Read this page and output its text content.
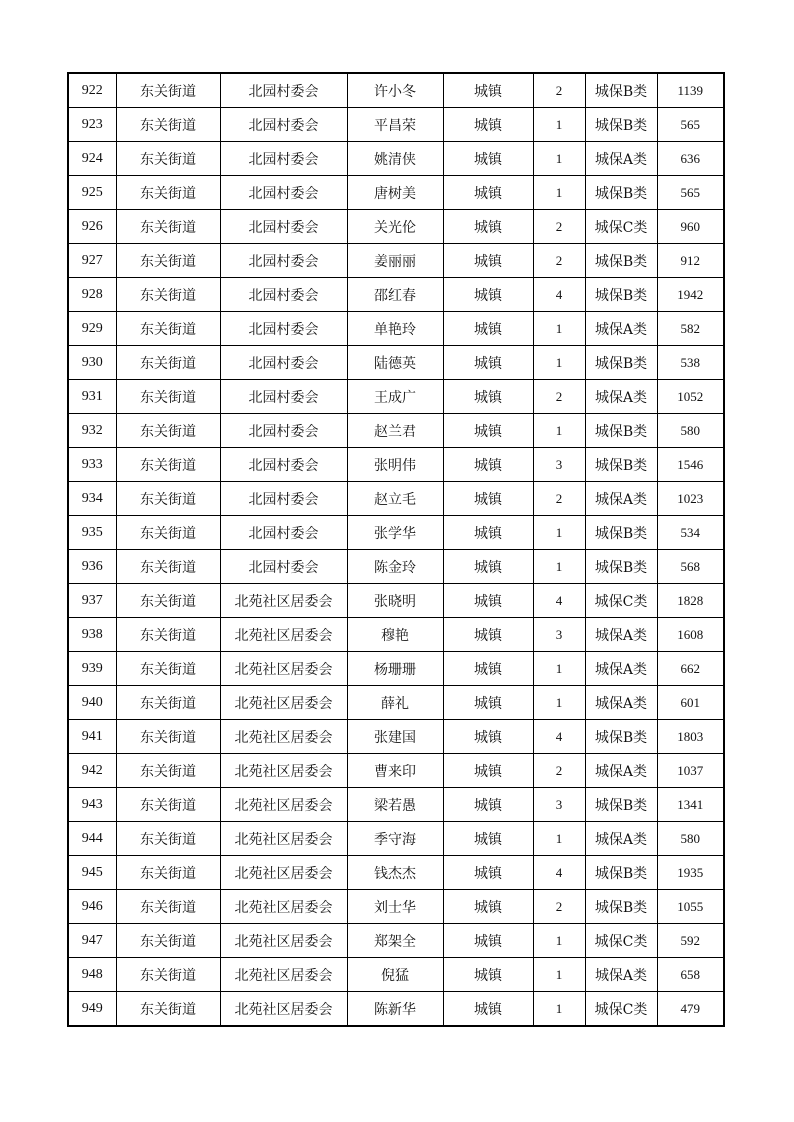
922	东关街道	北园村委会	许小冬	城镇	2	城保B类	1139
923	东关街道	北园村委会	平昌荣	城镇	1	城保B类	565
924	东关街道	北园村委会	姚清侠	城镇	1	城保A类	636
925	东关街道	北园村委会	唐树美	城镇	1	城保B类	565
926	东关街道	北园村委会	关光伦	城镇	2	城保C类	960
927	东关街道	北园村委会	姜丽丽	城镇	2	城保B类	912
928	东关街道	北园村委会	邵红春	城镇	4	城保B类	1942
929	东关街道	北园村委会	单艳玲	城镇	1	城保A类	582
930	东关街道	北园村委会	陆德英	城镇	1	城保B类	538
931	东关街道	北园村委会	王成广	城镇	2	城保A类	1052
932	东关街道	北园村委会	赵兰君	城镇	1	城保B类	580
933	东关街道	北园村委会	张明伟	城镇	3	城保B类	1546
934	东关街道	北园村委会	赵立毛	城镇	2	城保A类	1023
935	东关街道	北园村委会	张学华	城镇	1	城保B类	534
936	东关街道	北园村委会	陈金玲	城镇	1	城保B类	568
937	东关街道	北苑社区居委会	张晓明	城镇	4	城保C类	1828
938	东关街道	北苑社区居委会	穆艳	城镇	3	城保A类	1608
939	东关街道	北苑社区居委会	杨珊珊	城镇	1	城保A类	662
940	东关街道	北苑社区居委会	薛礼	城镇	1	城保A类	601
941	东关街道	北苑社区居委会	张建国	城镇	4	城保B类	1803
942	东关街道	北苑社区居委会	曹来印	城镇	2	城保A类	1037
943	东关街道	北苑社区居委会	梁若愚	城镇	3	城保B类	1341
944	东关街道	北苑社区居委会	季守海	城镇	1	城保A类	580
945	东关街道	北苑社区居委会	钱杰杰	城镇	4	城保B类	1935
946	东关街道	北苑社区居委会	刘士华	城镇	2	城保B类	1055
947	东关街道	北苑社区居委会	郑架全	城镇	1	城保C类	592
948	东关街道	北苑社区居委会	倪猛	城镇	1	城保A类	658
949	东关街道	北苑社区居委会	陈新华	城镇	1	城保C类	479
